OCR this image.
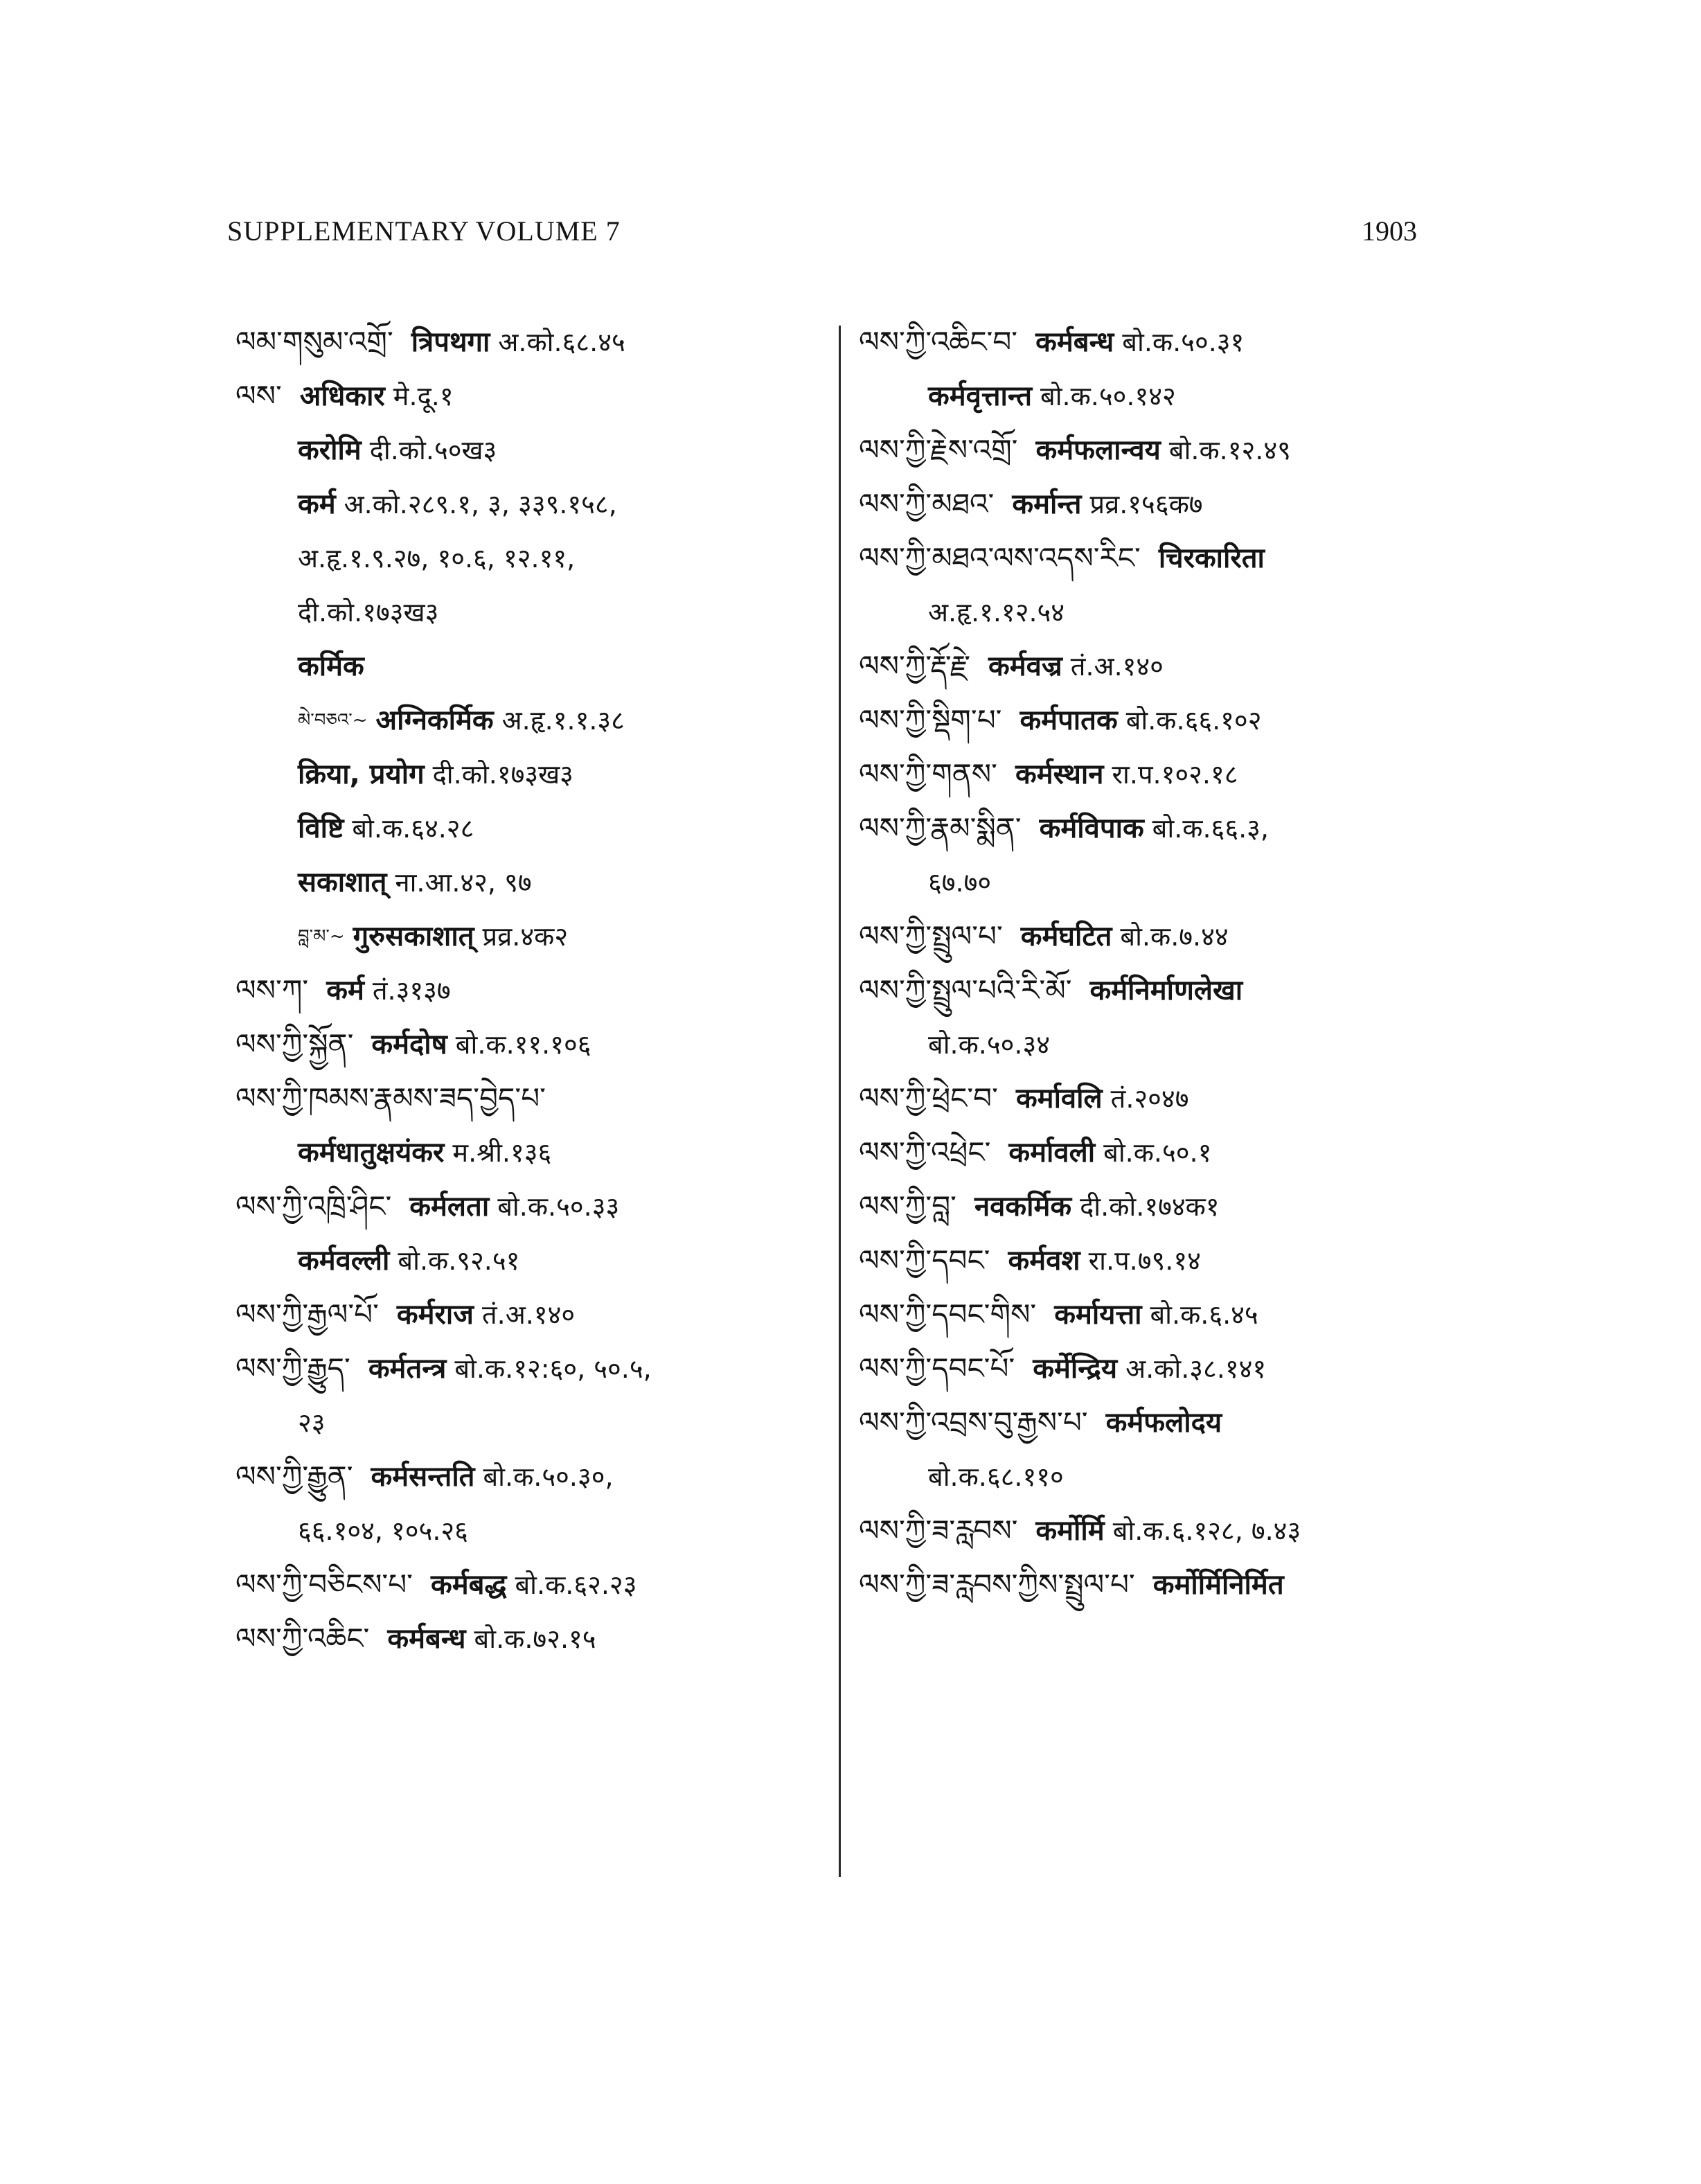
SUPPLEMENTARY VOLUME 7	1903
ལམ་གསུམ་འགྲོ་ त्रिपथगा अ.को.६८.४५
ལས་ अधिकार मे.दू.१
करोमि दी.को.५०ख३
कर्म अ.को.२८९.१, ३, ३३९.१५८,
अ.हृ.१.९.२७, १०.६, १२.११,
दी.को.१७३ख३
कर्मिक
མེ་བཅའ་~ अग्निकर्मिक अ.हृ.१.१.३८
क्रिया, प्रयोग दी.को.१७३ख३
विष्टि बो.क.६४.२८
सकाशात् ना.आ.४२, ९७
བླ་མ་~ गुरुसकाशात् प्रव्र.४क२
ལས་ཀ་ कर्म तं.३१३७
ལས་ཀྱི་སྐྱོན་ कर्मदोष बो.क.११.१०६
ལས་ཀྱི་ཁམས་རྣམས་ཟད་བྱེད་པ་
कर्मधातुक्षयंकर म.श्री.१३६
ལས་ཀྱི་འཁྲི་ཤིང་ कर्मलता बो.क.५०.३३
कर्मवल्ली बो.क.९२.५१
ལས་ཀྱི་རྒྱལ་པོ་ कर्मराज तं.अ.१४०
ལས་ཀྱི་རྒྱུད་ कर्मतन्त्र बो.क.१२:६०, ५०.५,
२३
ལས་ཀྱི་རྒྱུན་ कर्मसन्तति बो.क.५०.३०,
६६.१०४, १०५.२६
ལས་ཀྱི་བཅིངས་པ་ कर्मबद्ध बो.क.६२.२३
ལས་ཀྱི་འཆིང་ कर्मबन्ध बो.क.७२.१५
ལས་ཀྱི་འཆིང་བ་ कर्मबन्ध बो.क.५०.३१
कर्मवृत्तान्त बो.क.५०.१४२
ལས་ཀྱི་རྗེས་འགྲོ་ कर्मफलान्वय बो.क.१२.४९
ལས་ཀྱི་མཐའ་ कर्मान्त प्रव्र.१५६क७
ལས་ཀྱི་མཐའ་ལས་འདས་རིང་ चिरकारिता
अ.हृ.१.१२.५४
ལས་ཀྱི་རྡོ་རྗེ་ कर्मवज्र तं.अ.१४०
ལས་ཀྱི་སྡིག་པ་ कर्मपातक बो.क.६६.१०२
ལས་ཀྱི་གནས་ कर्मस्थान रा.प.१०२.१८
ལས་ཀྱི་རྣམ་སྨིན་ कर्मविपाक बो.क.६६.३,
६७.७०
ལས་ཀྱི་སྤྲུལ་པ་ कर्मघटित बो.क.७.४४
ལས་ཀྱི་སྤྲུལ་པའི་རི་མོ་ कर्मनिर्माणलेखा
बो.क.५०.३४
ལས་ཀྱི་ཕྲེང་བ་ कर्मावलि तं.२०४७
ལས་ཀྱི་འཕྲེང་ कर्मावली बो.क.५०.१
ལས་ཀྱི་བླ་ नवकर्मिक दी.को.१७४क१
ལས་ཀྱི་དབང་ कर्मवश रा.प.७९.१४
ལས་ཀྱི་དབང་གིས་ कर्मायत्ता बो.क.६.४५
ལས་ཀྱི་དབང་པོ་ कर्मेन्द्रिय अ.को.३८.१४१
ལས་ཀྱི་འབྲས་བུ་རྒྱས་པ་ कर्मफलोदय
बो.क.६८.११०
ལས་ཀྱི་ཟ་རླབས་ कर्मोर्मि बो.क.६.१२८, ७.४३
ལས་ཀྱི་ཟ་རླབས་ཀྱིས་སྤྲུལ་པ་ कर्मोर्मिनिर्मित
